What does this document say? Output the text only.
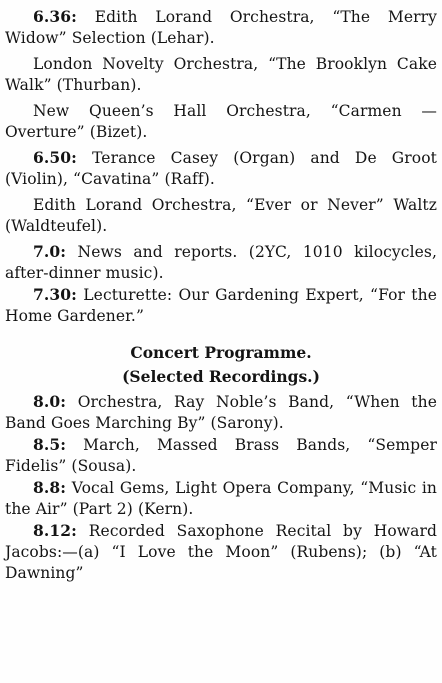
6.36: Edith Lorand Orchestra, “The Merry Widow” Selection (Lehar).

London Novelty Orchestra, “The Brooklyn Cake Walk” (Thurban).

New Queen’s Hall Orchestra, “Carmen —Overture” (Bizet).

6.50: Terance Casey (Organ) and De Groot (Violin), “Cavatina” (Raff).

Edith Lorand Orchestra, “Ever or Never” Waltz (Waldteufel).

7.0: News and reports. (2YC, 1010 kilocycles, after-dinner music).

7.30: Lecturette: Our Gardening Expert, “For the Home Gardener.”

Concert Programme.

(Selected Recordings.)

8.0: Orchestra, Ray Noble’s Band, “When the Band Goes Marching By” (Sarony).

8.5: March, Massed Brass Bands, “Semper Fidelis” (Sousa).

8.8: Vocal Gems, Light Opera Company, “Music in the Air” (Part 2) (Kern).

8.12: Recorded Saxophone Recital by Howard Jacobs:—(a) “I Love the Moon” (Rubens); (b) “At Dawning”
